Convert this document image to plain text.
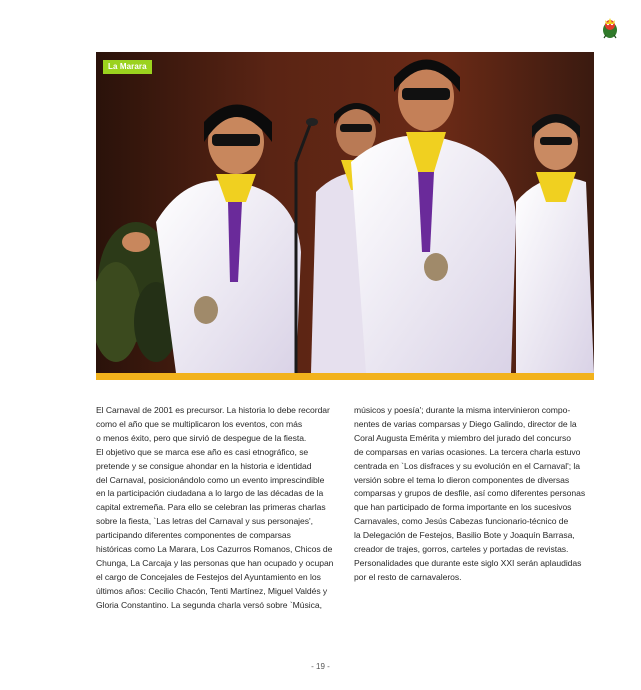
La Marara
El Carnaval de 2001 es precursor. La historia lo debe recordar
como el año que se multiplicaron los eventos, con más
o menos éxito, pero que sirvió de despegue de la fiesta.
El objetivo que se marca ese año es casi etnográfico, se
pretende y se consigue ahondar en la historia e identidad
del Carnaval, posicionándolo como un evento imprescindible
en la participación ciudadana a lo largo de las décadas de la
capital extremeña. Para ello se celebran las primeras charlas
sobre la fiesta, `Las letras del Carnaval y sus personajes',
participando diferentes componentes de comparsas
históricas como La Marara, Los Cazurros Romanos, Chicos de
Chunga, La Carcaja y las personas que han ocupado y ocupan
el cargo de Concejales de Festejos del Ayuntamiento en los
últimos años: Cecilio Chacón, Tenti Martínez, Miguel Valdés y
Gloria Constantino. La segunda charla versó sobre `Música,
músicos y poesía'; durante la misma intervinieron compo-
nentes de varias comparsas y Diego Galindo, director de la
Coral Augusta Emérita y miembro del jurado del concurso
de comparsas en varias ocasiones. La tercera charla estuvo
centrada en `Los disfraces y su evolución en el Carnaval'; la
versión sobre el tema lo dieron componentes de diversas
comparsas y grupos de desfile, así como diferentes personas
que han participado de forma importante en los sucesivos
Carnavales, como Jesús Cabezas funcionario-técnico de
la Delegación de Festejos, Basilio Bote y Joaquín Barrasa,
creador de trajes, gorros, carteles y portadas de revistas.
Personalidades que durante este siglo XXI serán aplaudidas
por el resto de carnavaleros.
- 19 -
